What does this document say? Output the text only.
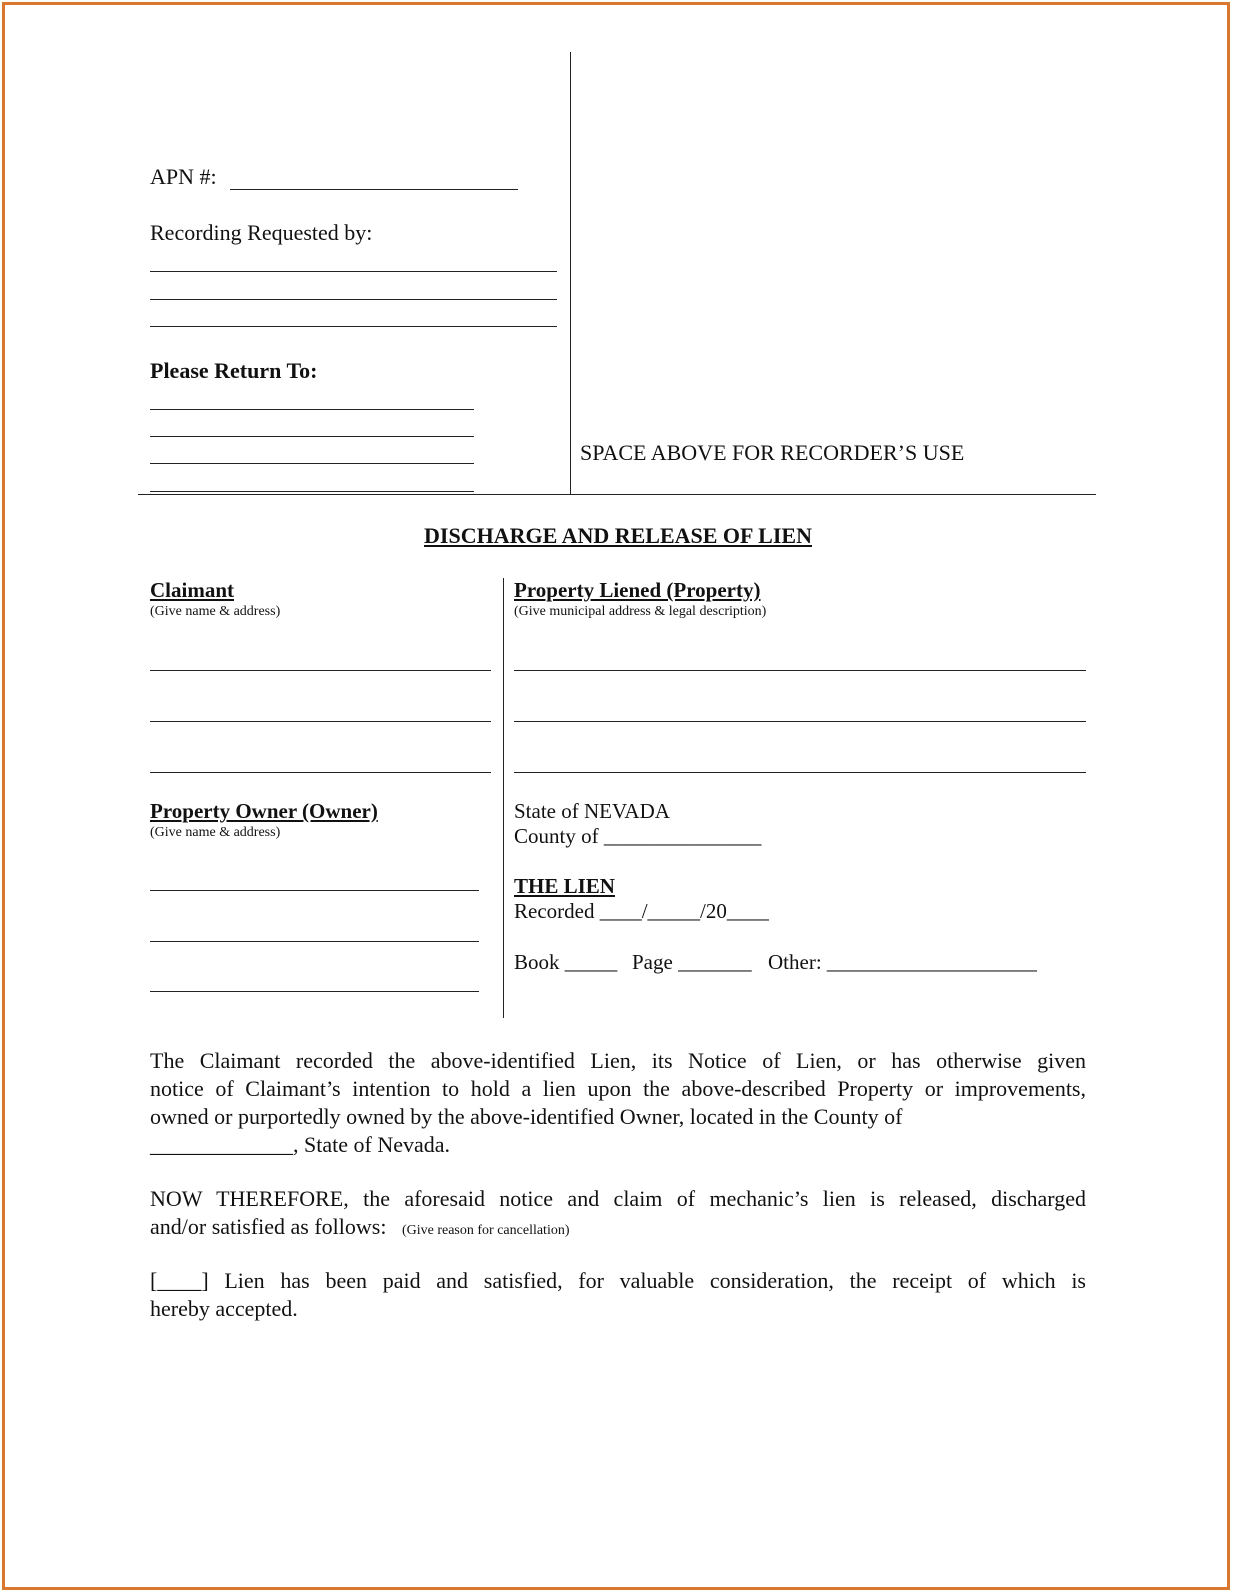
APN #:
Recording Requested by:
Please Return To:
SPACE ABOVE FOR RECORDER’S USE
DISCHARGE AND RELEASE OF LIEN
Claimant
(Give name & address)
Property Liened (Property)
(Give municipal address & legal description)
Property Owner (Owner)
(Give name & address)
State of NEVADA
County of _______________
THE LIEN
Recorded ____/_____/20____
Book _____ Page _______ Other: ____________________
The Claimant recorded the above-identified Lien, its Notice of Lien, or has otherwise given
notice of Claimant’s intention to hold a lien upon the above-described Property or improvements,
owned or purportedly owned by the above-identified Owner, located in the County of
_____________, State of Nevada.
NOW THEREFORE, the aforesaid notice and claim of mechanic’s lien is released, discharged
and/or satisfied as follows: (Give reason for cancellation)
[____] Lien has been paid and satisfied, for valuable consideration, the receipt of which is
hereby accepted.
